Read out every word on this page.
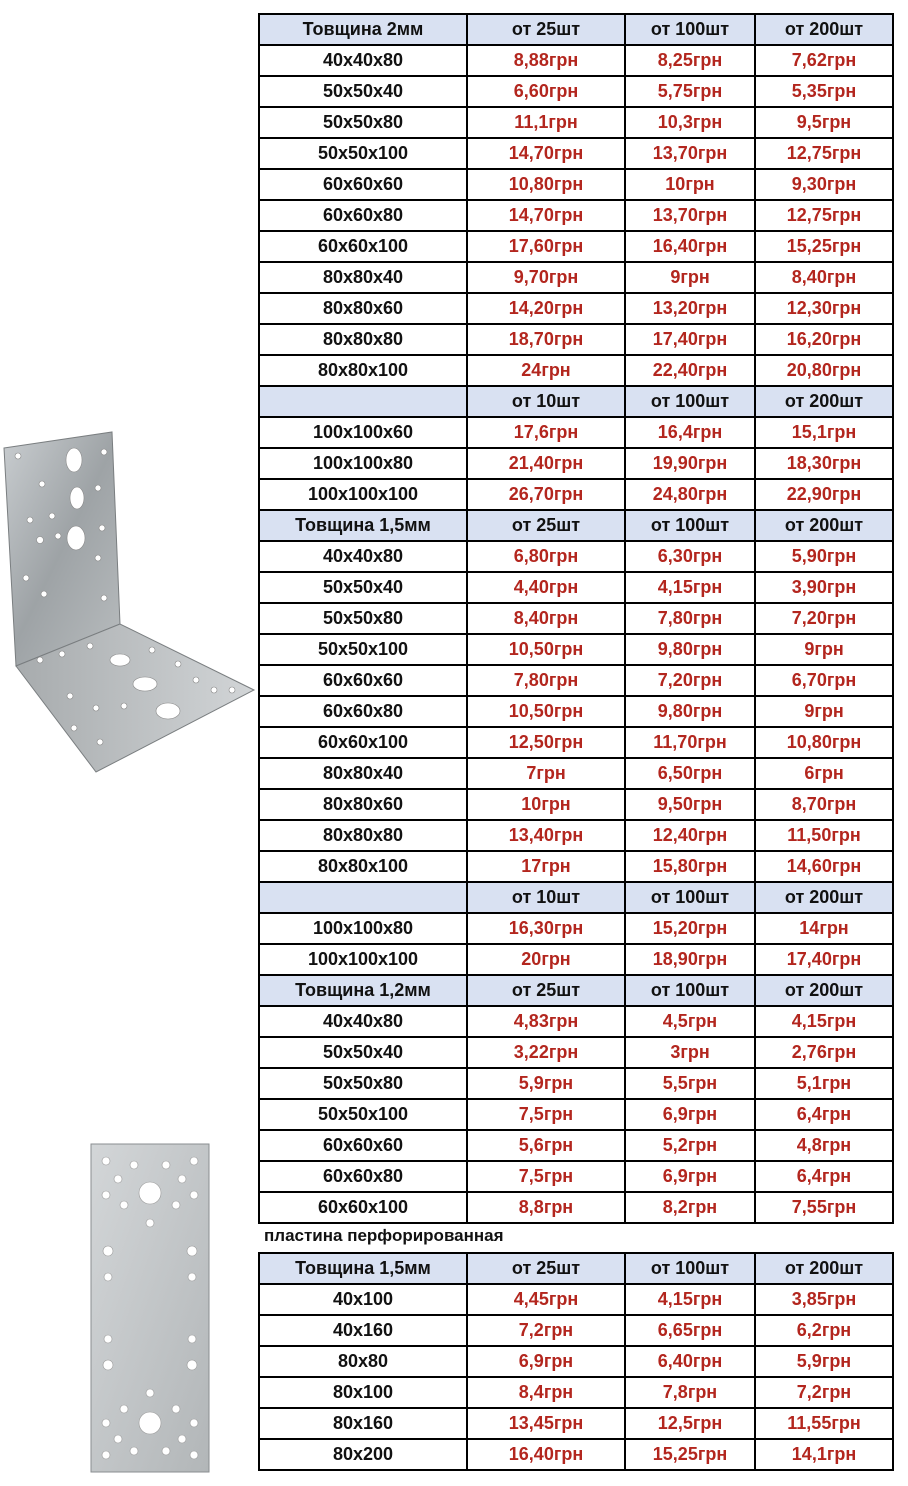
Товщина 2мм	от 25шт	от 100шт	от 200шт
40x40x80	8,88грн	8,25грн	7,62грн
50x50x40	6,60грн	5,75грн	5,35грн
50x50x80	11,1грн	10,3грн	9,5грн
50x50x100	14,70грн	13,70грн	12,75грн
60x60x60	10,80грн	10грн	9,30грн
60x60x80	14,70грн	13,70грн	12,75грн
60x60x100	17,60грн	16,40грн	15,25грн
80x80x40	9,70грн	9грн	8,40грн
80x80x60	14,20грн	13,20грн	12,30грн
80x80x80	18,70грн	17,40грн	16,20грн
80x80x100	24грн	22,40грн	20,80грн
	от 10шт	от 100шт	от 200шт
100x100x60	17,6грн	16,4грн	15,1грн
100x100x80	21,40грн	19,90грн	18,30грн
100x100x100	26,70грн	24,80грн	22,90грн
Товщина 1,5мм	от 25шт	от 100шт	от 200шт
40x40x80	6,80грн	6,30грн	5,90грн
50x50x40	4,40грн	4,15грн	3,90грн
50x50x80	8,40грн	7,80грн	7,20грн
50x50x100	10,50грн	9,80грн	9грн
60x60x60	7,80грн	7,20грн	6,70грн
60x60x80	10,50грн	9,80грн	9грн
60x60x100	12,50грн	11,70грн	10,80грн
80x80x40	7грн	6,50грн	6грн
80x80x60	10грн	9,50грн	8,70грн
80x80x80	13,40грн	12,40грн	11,50грн
80x80x100	17грн	15,80грн	14,60грн
	от 10шт	от 100шт	от 200шт
100x100x80	16,30грн	15,20грн	14грн
100x100x100	20грн	18,90грн	17,40грн
Товщина 1,2мм	от 25шт	от 100шт	от 200шт
40x40x80	4,83грн	4,5грн	4,15грн
50x50x40	3,22грн	3грн	2,76грн
50x50x80	5,9грн	5,5грн	5,1грн
50x50x100	7,5грн	6,9грн	6,4грн
60x60x60	5,6грн	5,2грн	4,8грн
60x60x80	7,5грн	6,9грн	6,4грн
60x60x100	8,8грн	8,2грн	7,55грн
пластина перфорированная
Товщина 1,5мм	от 25шт	от 100шт	от 200шт
40x100	4,45грн	4,15грн	3,85грн
40x160	7,2грн	6,65грн	6,2грн
80x80	6,9грн	6,40грн	5,9грн
80x100	8,4грн	7,8грн	7,2грн
80x160	13,45грн	12,5грн	11,55грн
80x200	16,40грн	15,25грн	14,1грн
